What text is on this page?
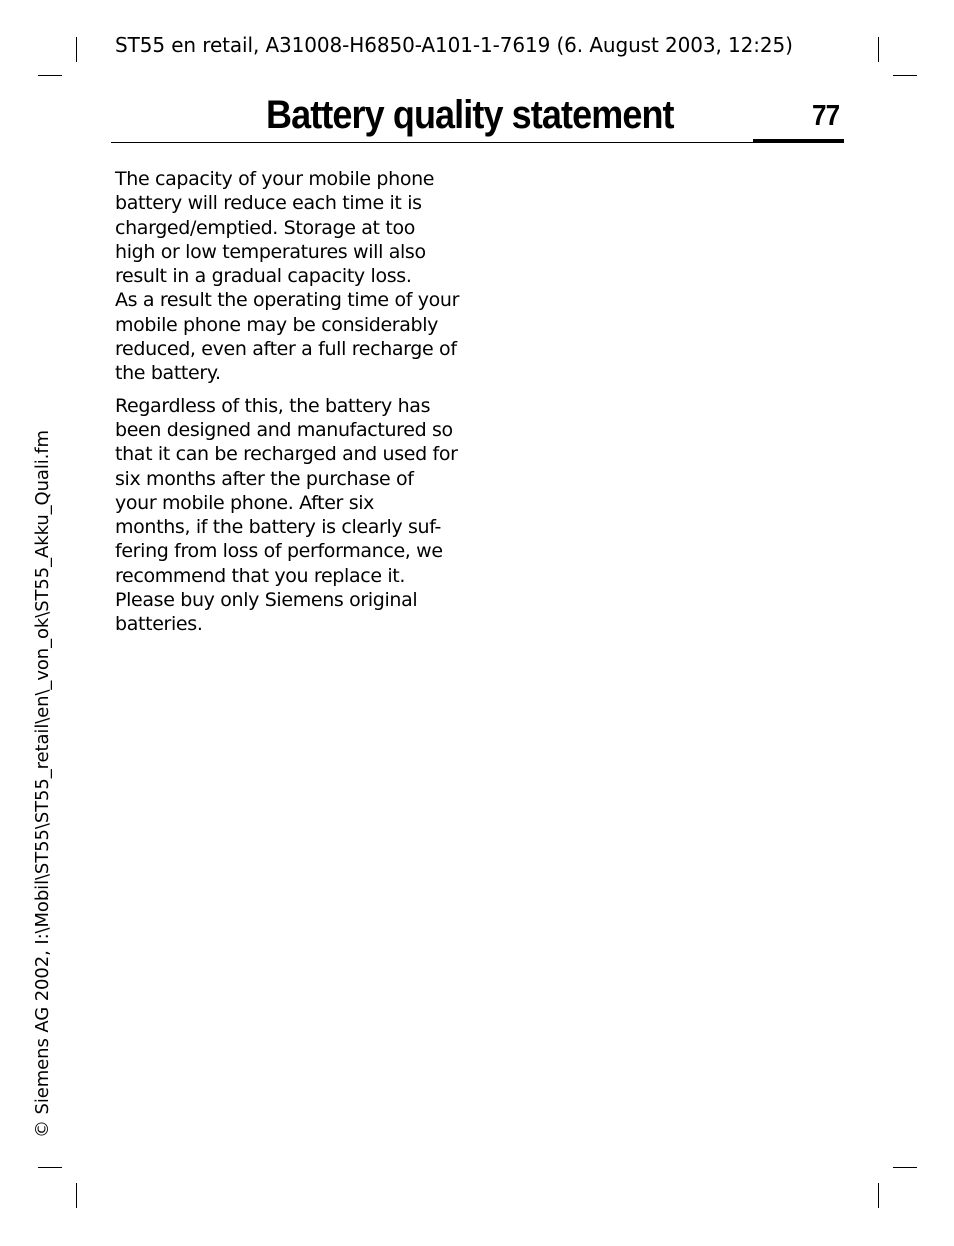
ST55 en retail, A31008-H6850-A101-1-7619 (6. August 2003, 12:25)
Battery quality statement	77

The capacity of your mobile phone
battery will reduce each time it is
charged/emptied. Storage at too
high or low temperatures will also
result in a gradual capacity loss.
As a result the operating time of your
mobile phone may be considerably
reduced, even after a full recharge of
the battery.

Regardless of this, the battery has
been designed and manufactured so
that it can be recharged and used for
six months after the purchase of
your mobile phone. After six
months, if the battery is clearly suf-
fering from loss of performance, we
recommend that you replace it.
Please buy only Siemens original
batteries.

© Siemens AG 2002, I:\Mobil\ST55\ST55_retail\en\_von_ok\ST55_Akku_Quali.fm
